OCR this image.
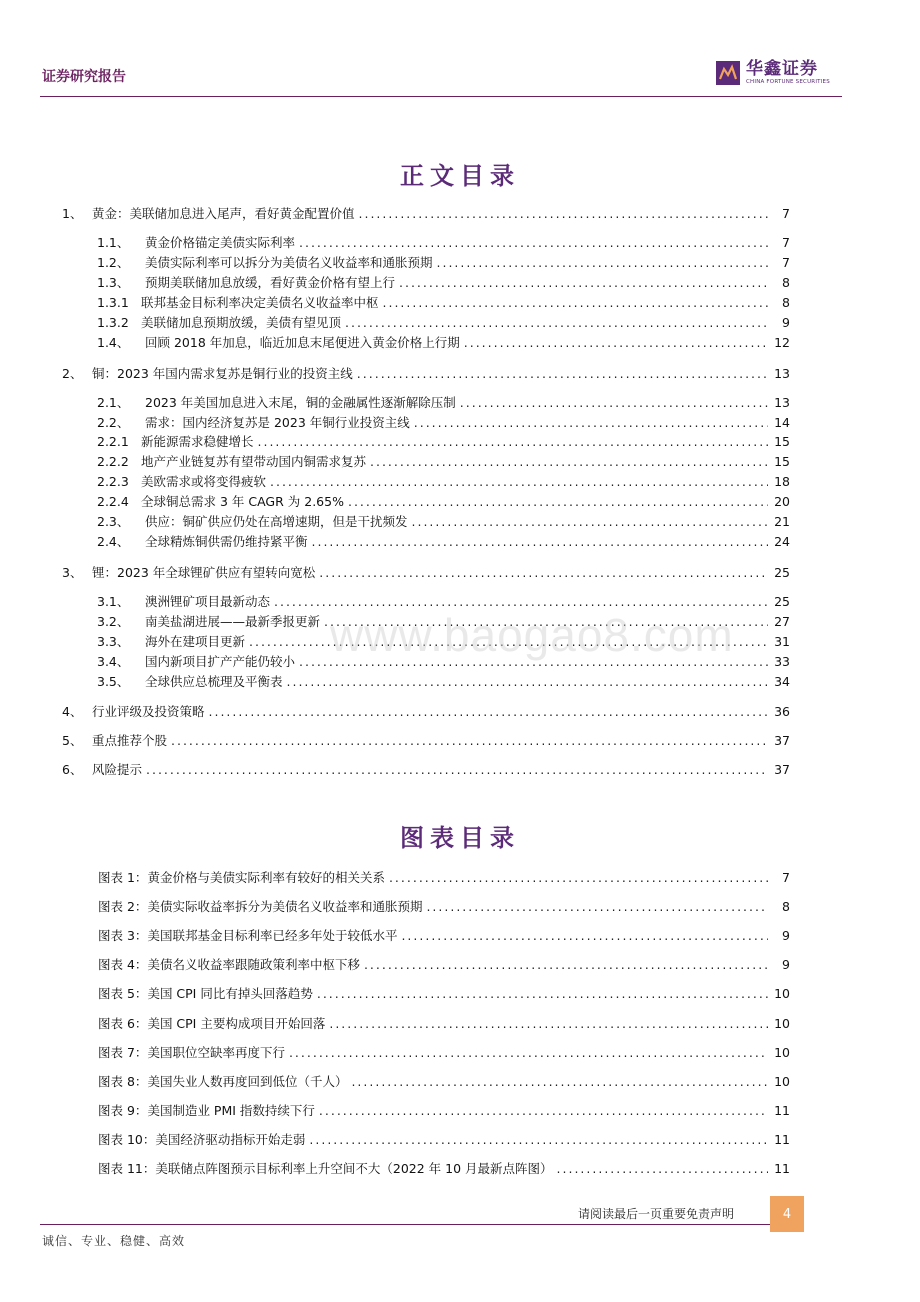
证券研究报告	华鑫证券
CHINA FORTUNE SECURITIES
正文目录
1、 黄金：美联储加息进入尾声，看好黄金配置价值 .....	7
1.1、	黄金价格锚定美债实际利率 .....	7
1.2、	美债实际利率可以拆分为美债名义收益率和通胀预期 .....	7
1.3、	预期美联储加息放缓，看好黄金价格有望上行 .....	8
1.3.1 联邦基金目标利率决定美债名义收益率中枢 .....	8
1.3.2 美联储加息预期放缓，美债有望见顶 .....	9
1.4、	回顾 2018 年加息，临近加息末尾便进入黄金价格上行期 .....	12
2、 铜：2023 年国内需求复苏是铜行业的投资主线 .....	13
2.1、	2023 年美国加息进入末尾，铜的金融属性逐渐解除压制 .....	13
2.2、	需求：国内经济复苏是 2023 年铜行业投资主线 .....	14
2.2.1 新能源需求稳健增长 .....	15
2.2.2 地产产业链复苏有望带动国内铜需求复苏 .....	15
2.2.3 美欧需求或将变得疲软 .....	18
2.2.4 全球铜总需求 3 年 CAGR 为 2.65% .....	20
2.3、	供应：铜矿供应仍处在高增速期，但是干扰频发 .....	21
2.4、	全球精炼铜供需仍维持紧平衡 .....	24
3、 锂：2023 年全球锂矿供应有望转向宽松 .....	25
3.1、	澳洲锂矿项目最新动态 .....	25
3.2、	南美盐湖进展——最新季报更新 .....	27
3.3、	海外在建项目更新 .....	31
3.4、	国内新项目扩产产能仍较小 .....	33
3.5、	全球供应总梳理及平衡表 .....	34
4、 行业评级及投资策略 .....	36
5、 重点推荐个股 .....	37
6、 风险提示 .....	37
www.baogao8.com
图表目录
图表 1： 黄金价格与美债实际利率有较好的相关关系 .....	7
图表 2： 美债实际收益率拆分为美债名义收益率和通胀预期 .....	8
图表 3： 美国联邦基金目标利率已经多年处于较低水平 .....	9
图表 4： 美债名义收益率跟随政策利率中枢下移 .....	9
图表 5： 美国 CPI 同比有掉头回落趋势 .....	10
图表 6： 美国 CPI 主要构成项目开始回落 .....	10
图表 7： 美国职位空缺率再度下行 .....	10
图表 8： 美国失业人数再度回到低位（千人） .....	10
图表 9： 美国制造业 PMI 指数持续下行 .....	11
图表 10： 美国经济驱动指标开始走弱 .....	11
图表 11： 美联储点阵图预示目标利率上升空间不大（2022 年 10 月最新点阵图） .....	11
请阅读最后一页重要免责声明	4
诚信、专业、稳健、高效
